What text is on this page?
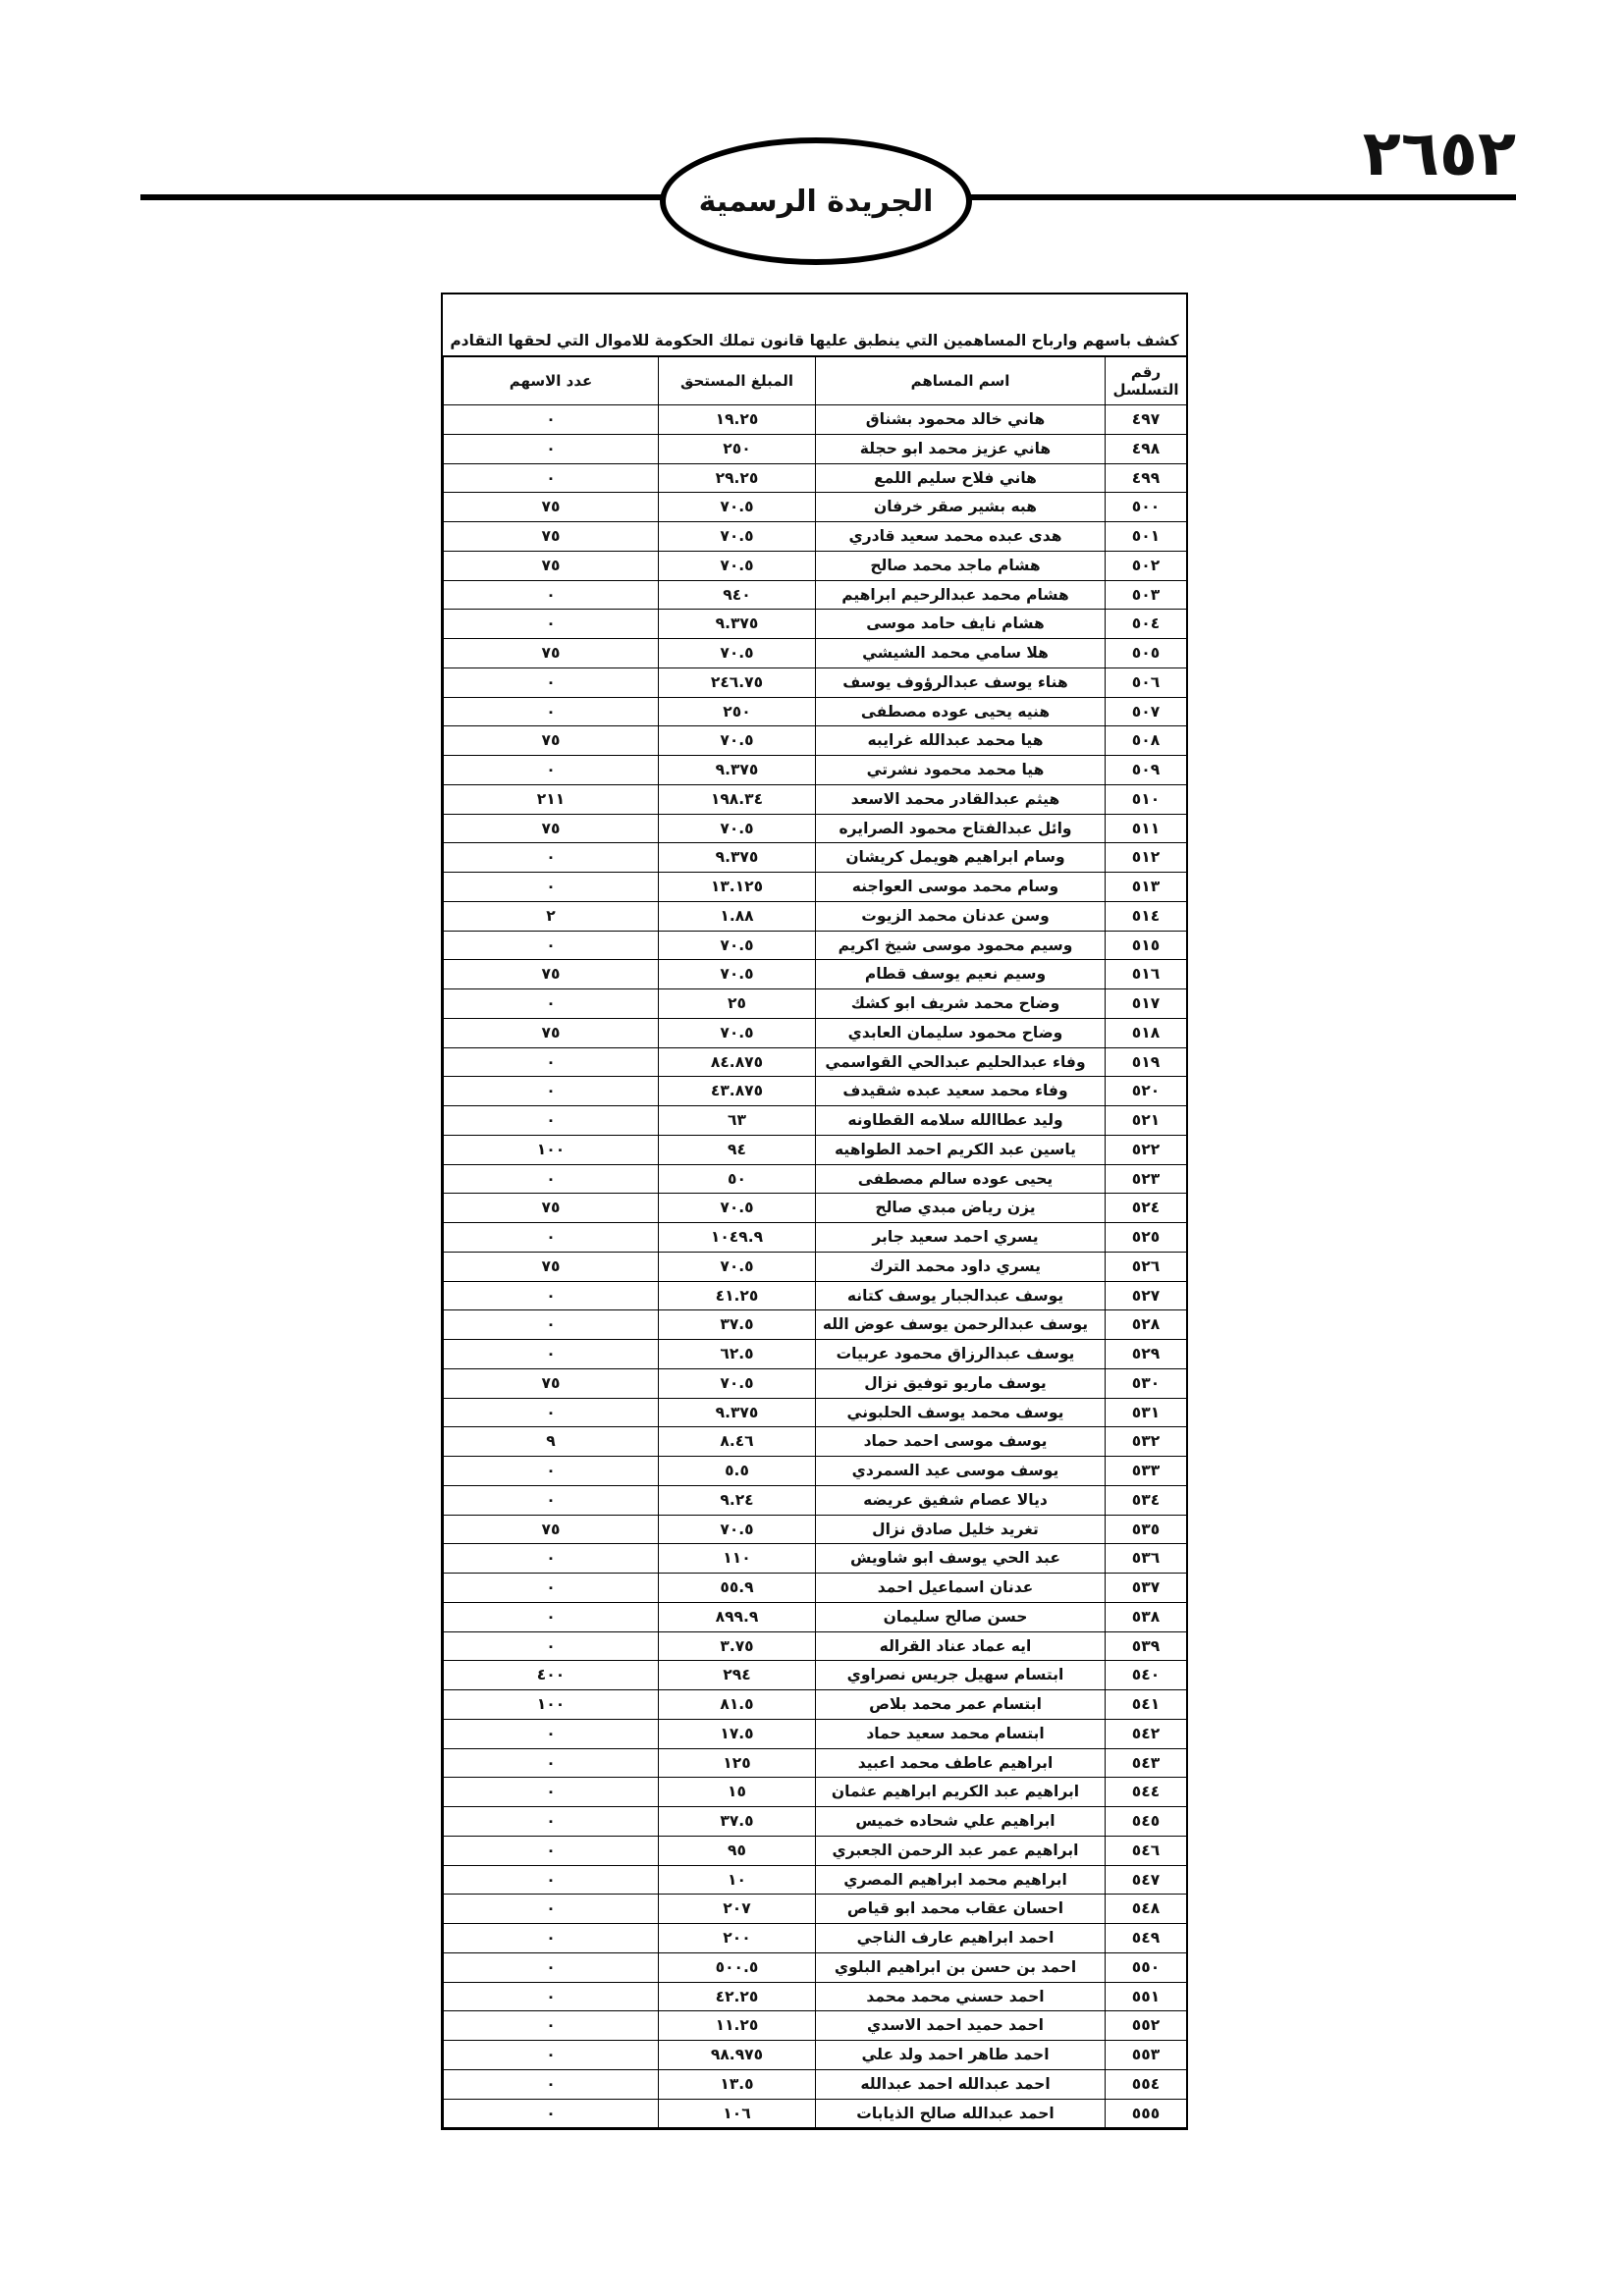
٢٦٥٢
الجريدة الرسمية
كشف باسهم وارباح المساهمين التي ينطبق عليها قانون تملك الحكومة للاموال التي لحقها التقادم
رقم التسلسل	اسم المساهم	المبلغ المستحق	عدد الاسهم
٤٩٧	هاني خالد محمود بشناق	١٩.٢٥	٠
٤٩٨	هاني عزيز محمد ابو حجلة	٢٥٠	٠
٤٩٩	هاني فلاح سليم اللمع	٢٩.٢٥	٠
٥٠٠	هبه بشير صقر خرفان	٧٠.٥	٧٥
٥٠١	هدى عبده محمد سعيد قادري	٧٠.٥	٧٥
٥٠٢	هشام ماجد محمد صالح	٧٠.٥	٧٥
٥٠٣	هشام محمد عبدالرحيم ابراهيم	٩٤٠	٠
٥٠٤	هشام نايف حامد موسى	٩.٣٧٥	٠
٥٠٥	هلا سامي محمد الشيشي	٧٠.٥	٧٥
٥٠٦	هناء يوسف عبدالرؤوف يوسف	٢٤٦.٧٥	٠
٥٠٧	هنيه يحيى عوده مصطفى	٢٥٠	٠
٥٠٨	هيا محمد عبدالله غرايبه	٧٠.٥	٧٥
٥٠٩	هيا محمد محمود نشرتي	٩.٣٧٥	٠
٥١٠	هيثم عبدالقادر محمد الاسعد	١٩٨.٣٤	٢١١
٥١١	وائل عبدالفتاح محمود الصرايره	٧٠.٥	٧٥
٥١٢	وسام ابراهيم هويمل كريشان	٩.٣٧٥	٠
٥١٣	وسام محمد موسى العواجنه	١٣.١٢٥	٠
٥١٤	وسن عدنان محمد الزيوت	١.٨٨	٢
٥١٥	وسيم محمود موسى شيخ اكريم	٧٠.٥	٠
٥١٦	وسيم نعيم يوسف قطام	٧٠.٥	٧٥
٥١٧	وضاح محمد شريف ابو كشك	٢٥	٠
٥١٨	وضاح محمود سليمان العابدي	٧٠.٥	٧٥
٥١٩	وفاء عبدالحليم عبدالحي القواسمي	٨٤.٨٧٥	٠
٥٢٠	وفاء محمد سعيد عبده شقيدف	٤٣.٨٧٥	٠
٥٢١	وليد عطاالله سلامه القطاونه	٦٣	٠
٥٢٢	ياسين عبد الكريم احمد الطواهيه	٩٤	١٠٠
٥٢٣	يحيى عوده سالم مصطفى	٥٠	٠
٥٢٤	يزن رياض مبدي صالح	٧٠.٥	٧٥
٥٢٥	يسري احمد سعيد جابر	١٠٤٩.٩	٠
٥٢٦	يسري داود محمد الترك	٧٠.٥	٧٥
٥٢٧	يوسف عبدالجبار يوسف كتانه	٤١.٢٥	٠
٥٢٨	يوسف عبدالرحمن يوسف عوض الله	٣٧.٥	٠
٥٢٩	يوسف عبدالرزاق محمود عربيات	٦٢.٥	٠
٥٣٠	يوسف ماريو توفيق نزال	٧٠.٥	٧٥
٥٣١	يوسف محمد يوسف الحلبوني	٩.٣٧٥	٠
٥٣٢	يوسف موسى احمد حماد	٨.٤٦	٩
٥٣٣	يوسف موسى عيد السمردي	٥.٥	٠
٥٣٤	ديالا عصام شفيق عريضه	٩.٢٤	٠
٥٣٥	تغريد خليل صادق نزال	٧٠.٥	٧٥
٥٣٦	عبد الحي يوسف ابو شاويش	١١٠	٠
٥٣٧	عدنان اسماعيل احمد	٥٥.٩	٠
٥٣٨	حسن صالح سليمان	٨٩٩.٩	٠
٥٣٩	ايه عماد عناد القراله	٣.٧٥	٠
٥٤٠	ابتسام سهيل جريس نصراوي	٢٩٤	٤٠٠
٥٤١	ابتسام عمر محمد بلاص	٨١.٥	١٠٠
٥٤٢	ابتسام محمد سعيد حماد	١٧.٥	٠
٥٤٣	ابراهيم عاطف محمد اعبيد	١٢٥	٠
٥٤٤	ابراهيم عبد الكريم ابراهيم عثمان	١٥	٠
٥٤٥	ابراهيم علي شحاده خميس	٣٧.٥	٠
٥٤٦	ابراهيم عمر عبد الرحمن الجعبري	٩٥	٠
٥٤٧	ابراهيم محمد ابراهيم المصري	١٠	٠
٥٤٨	احسان عقاب محمد ابو قياص	٢٠٧	٠
٥٤٩	احمد ابراهيم عارف الناجي	٢٠٠	٠
٥٥٠	احمد بن حسن بن ابراهيم البلوي	٥٠٠.٥	٠
٥٥١	احمد حسني محمد محمد	٤٢.٢٥	٠
٥٥٢	احمد حميد احمد الاسدي	١١.٢٥	٠
٥٥٣	احمد طاهر احمد ولد علي	٩٨.٩٧٥	٠
٥٥٤	احمد عبدالله احمد عبدالله	١٣.٥	٠
٥٥٥	احمد عبدالله صالح الذيابات	١٠٦	٠
